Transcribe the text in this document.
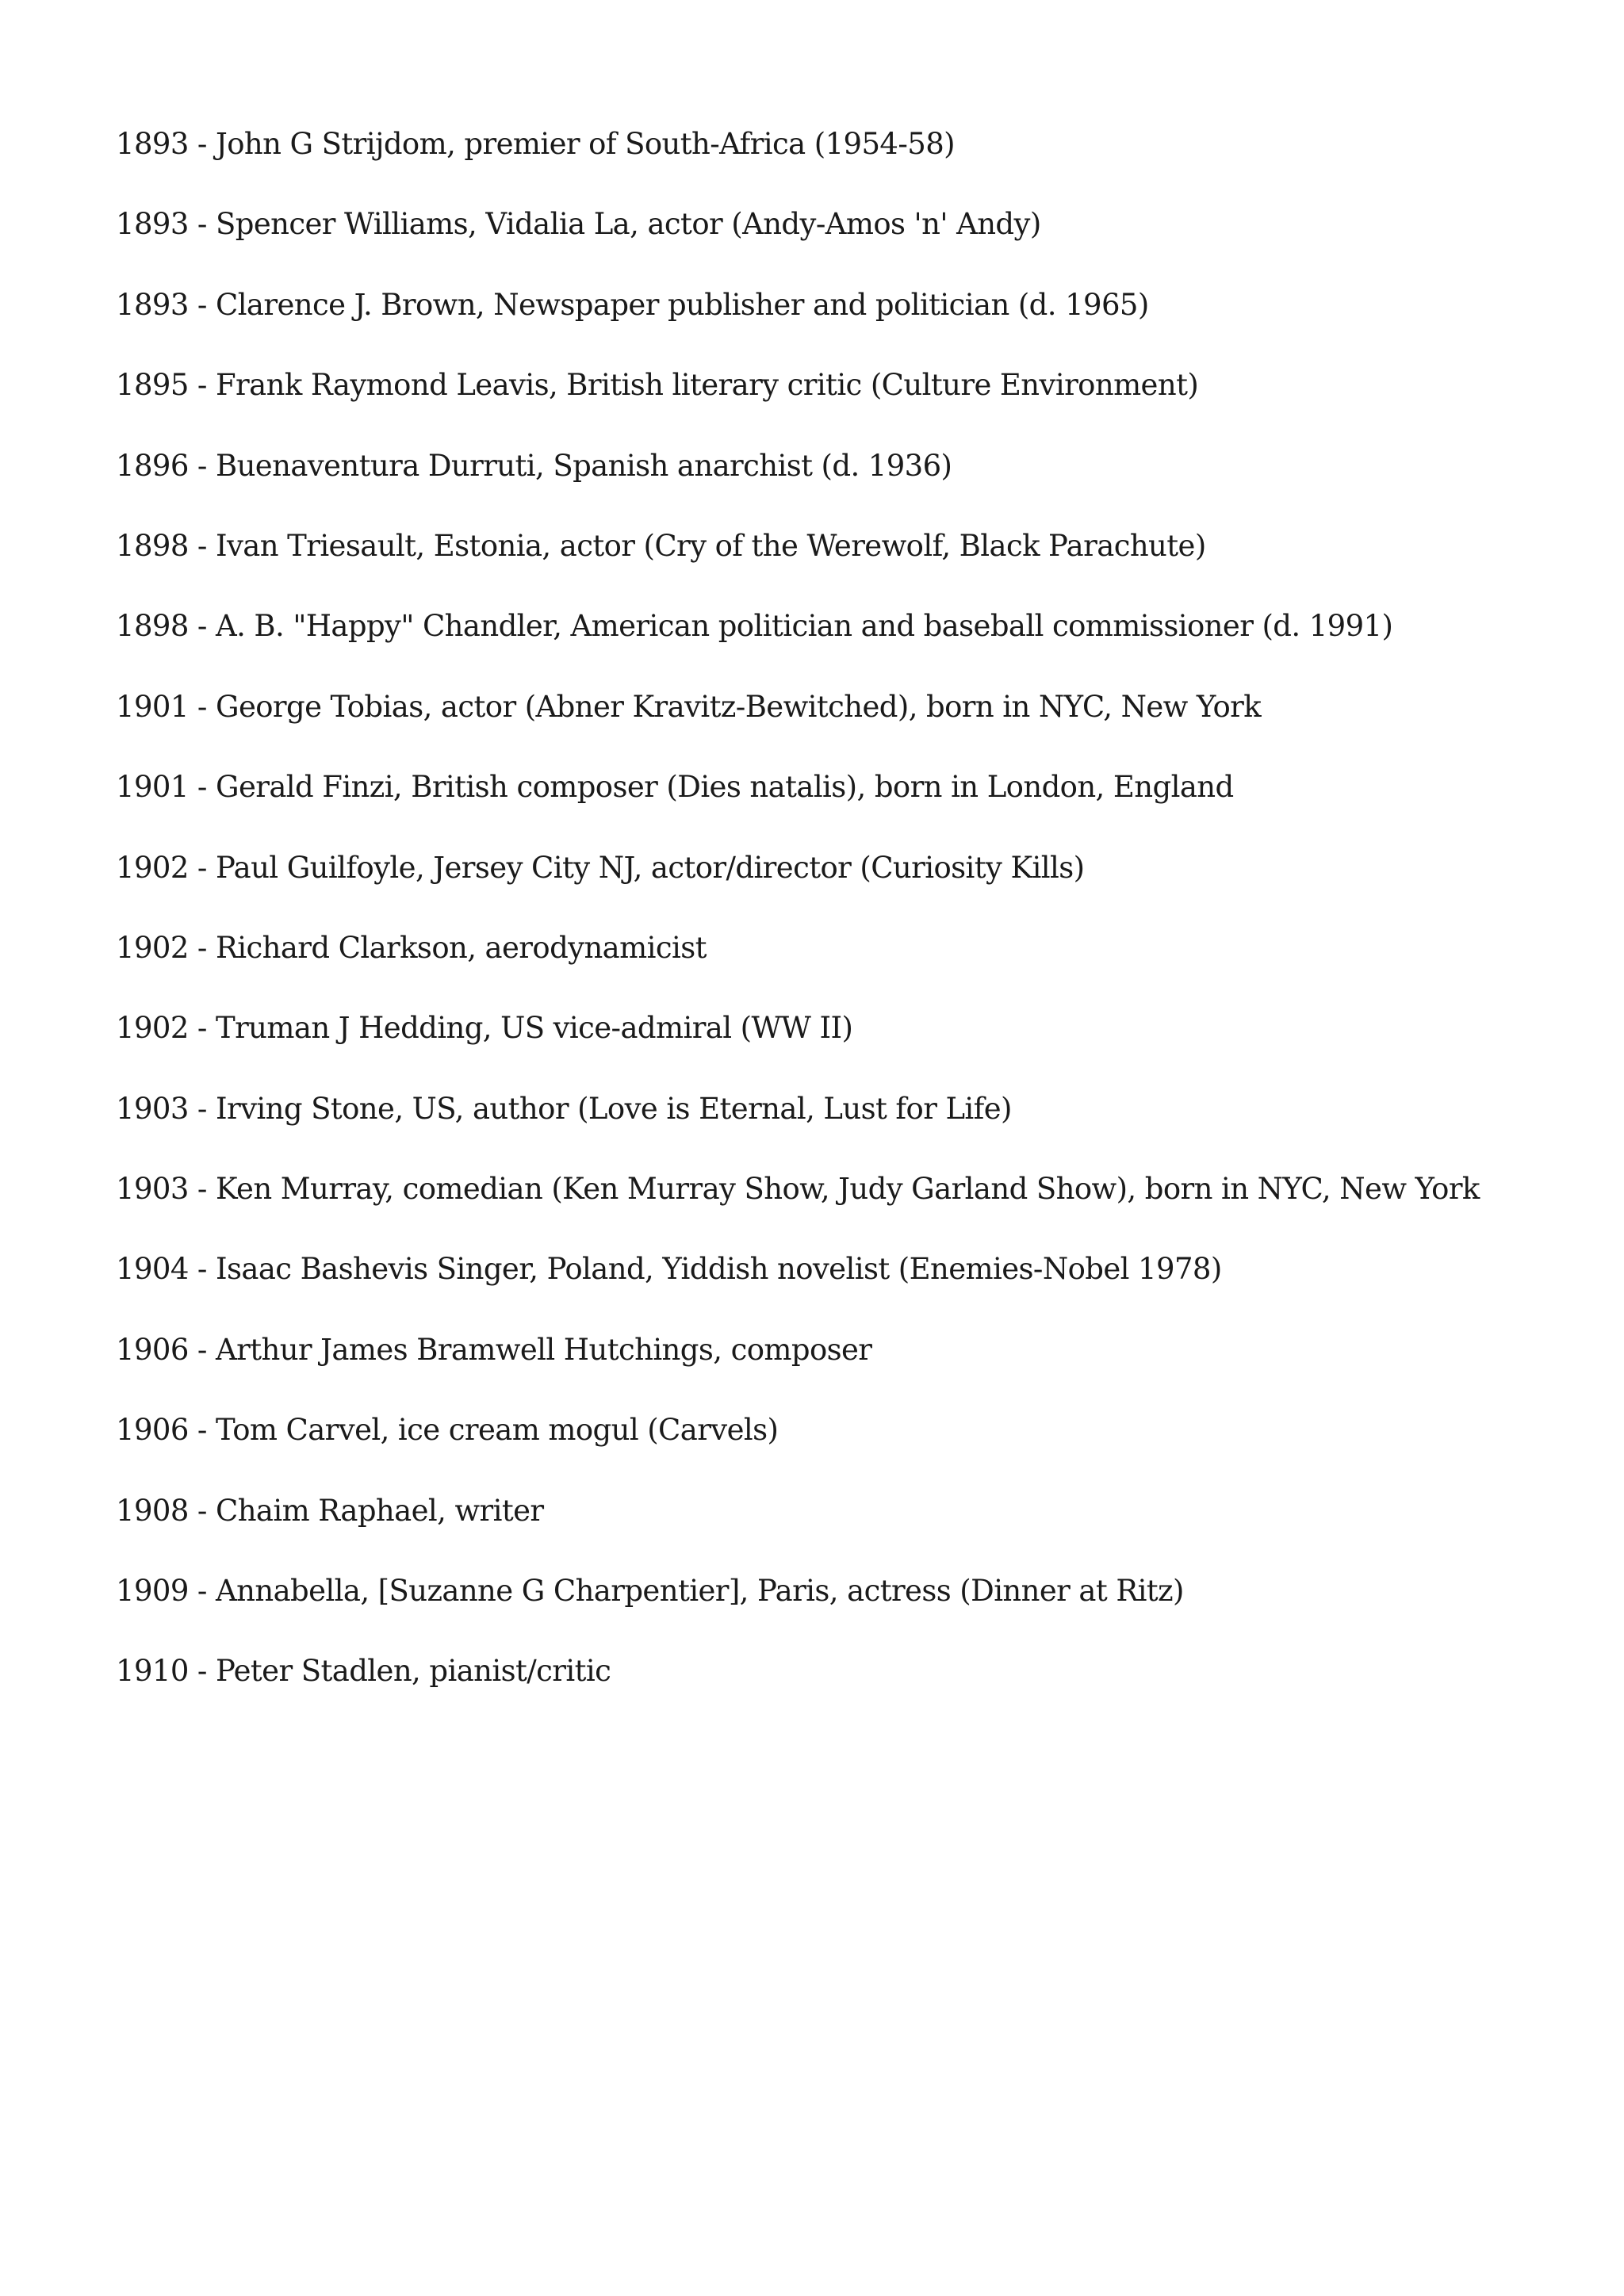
1893 - John G Strijdom, premier of South-Africa (1954-58)
1893 - Spencer Williams, Vidalia La, actor (Andy-Amos 'n' Andy)
1893 - Clarence J. Brown, Newspaper publisher and politician (d. 1965)
1895 - Frank Raymond Leavis, British literary critic (Culture Environment)
1896 - Buenaventura Durruti, Spanish anarchist (d. 1936)
1898 - Ivan Triesault, Estonia, actor (Cry of the Werewolf, Black Parachute)
1898 - A. B. "Happy" Chandler, American politician and baseball commissioner (d. 1991)
1901 - George Tobias, actor (Abner Kravitz-Bewitched), born in NYC, New York
1901 - Gerald Finzi, British composer (Dies natalis), born in London, England
1902 - Paul Guilfoyle, Jersey City NJ, actor/director (Curiosity Kills)
1902 - Richard Clarkson, aerodynamicist
1902 - Truman J Hedding, US vice-admiral (WW II)
1903 - Irving Stone, US, author (Love is Eternal, Lust for Life)
1903 - Ken Murray, comedian (Ken Murray Show, Judy Garland Show), born in NYC, New York
1904 - Isaac Bashevis Singer, Poland, Yiddish novelist (Enemies-Nobel 1978)
1906 - Arthur James Bramwell Hutchings, composer
1906 - Tom Carvel, ice cream mogul (Carvels)
1908 - Chaim Raphael, writer
1909 - Annabella, [Suzanne G Charpentier], Paris, actress (Dinner at Ritz)
1910 - Peter Stadlen, pianist/critic
